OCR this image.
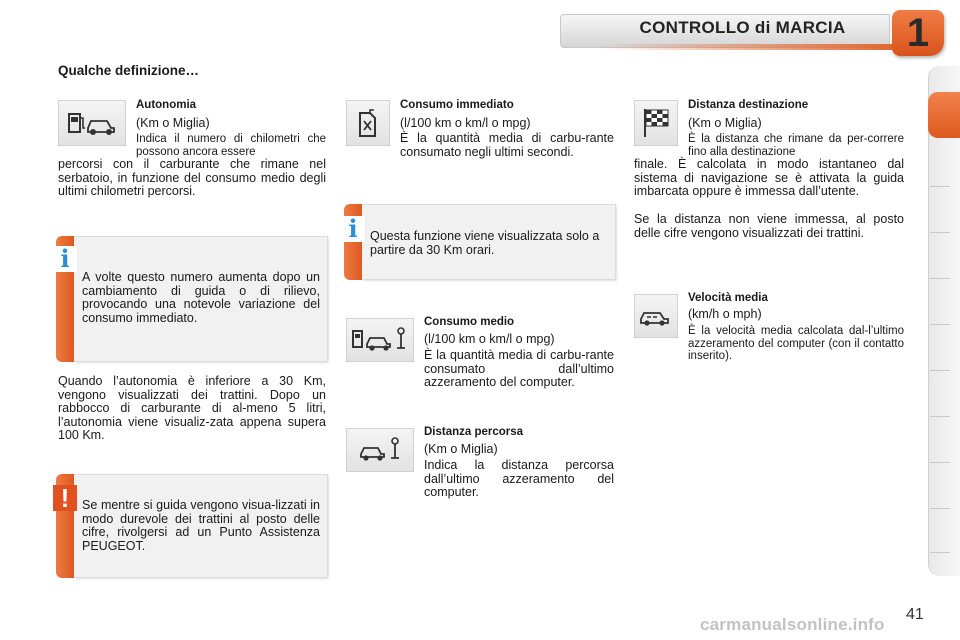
CONTROLLO di MARCIA	1
Qualche definizione…
Autonomia

(Km o Miglia)

Indica il numero di chilometri che possono ancora essere

percorsi con il carburante che rimane nel serbatoio, in funzione del consumo medio degli ultimi chilometri percorsi.

i

A volte questo numero aumenta dopo un cambiamento di guida o di rilievo, provocando una notevole variazione del consumo immediato.

Quando l’autonomia è inferiore a 30 Km, vengono visualizzati dei trattini. Dopo un rabbocco di carburante di al-meno 5 litri, l’autonomia viene visualiz-zata appena supera 100 Km.

!	Se mentre si guida vengono visua-lizzati in modo durevole dei trattini al posto delle cifre, rivolgersi ad un Punto Assistenza PEUGEOT.

Consumo immediato

(l/100 km o km/l o mpg)

È la quantità media di carbu-rante consumato negli ultimi secondi.

i Questa funzione viene visualizzata solo a partire da 30 Km orari.

Consumo medio

(l/100 km o km/l o mpg)

È la quantità media di carbu-rante consumato dall’ultimo azzeramento del computer.

Distanza percorsa

(Km o Miglia)

Indica la distanza percorsa dall’ultimo azzeramento del computer.

Distanza destinazione

(Km o Miglia)

È la distanza che rimane da per-correre fino alla destinazione

finale. È calcolata in modo istantaneo dal sistema di navigazione se è attivata la guida imbarcata oppure è immessa dall’utente.

Se la distanza non viene immessa, al posto delle cifre vengono visualizzati dei trattini.

Velocità media

(km/h o mph)

È la velocità media calcolata dal-l’ultimo azzeramento del computer (con il contatto inserito).

carmanualsonline.info
41
